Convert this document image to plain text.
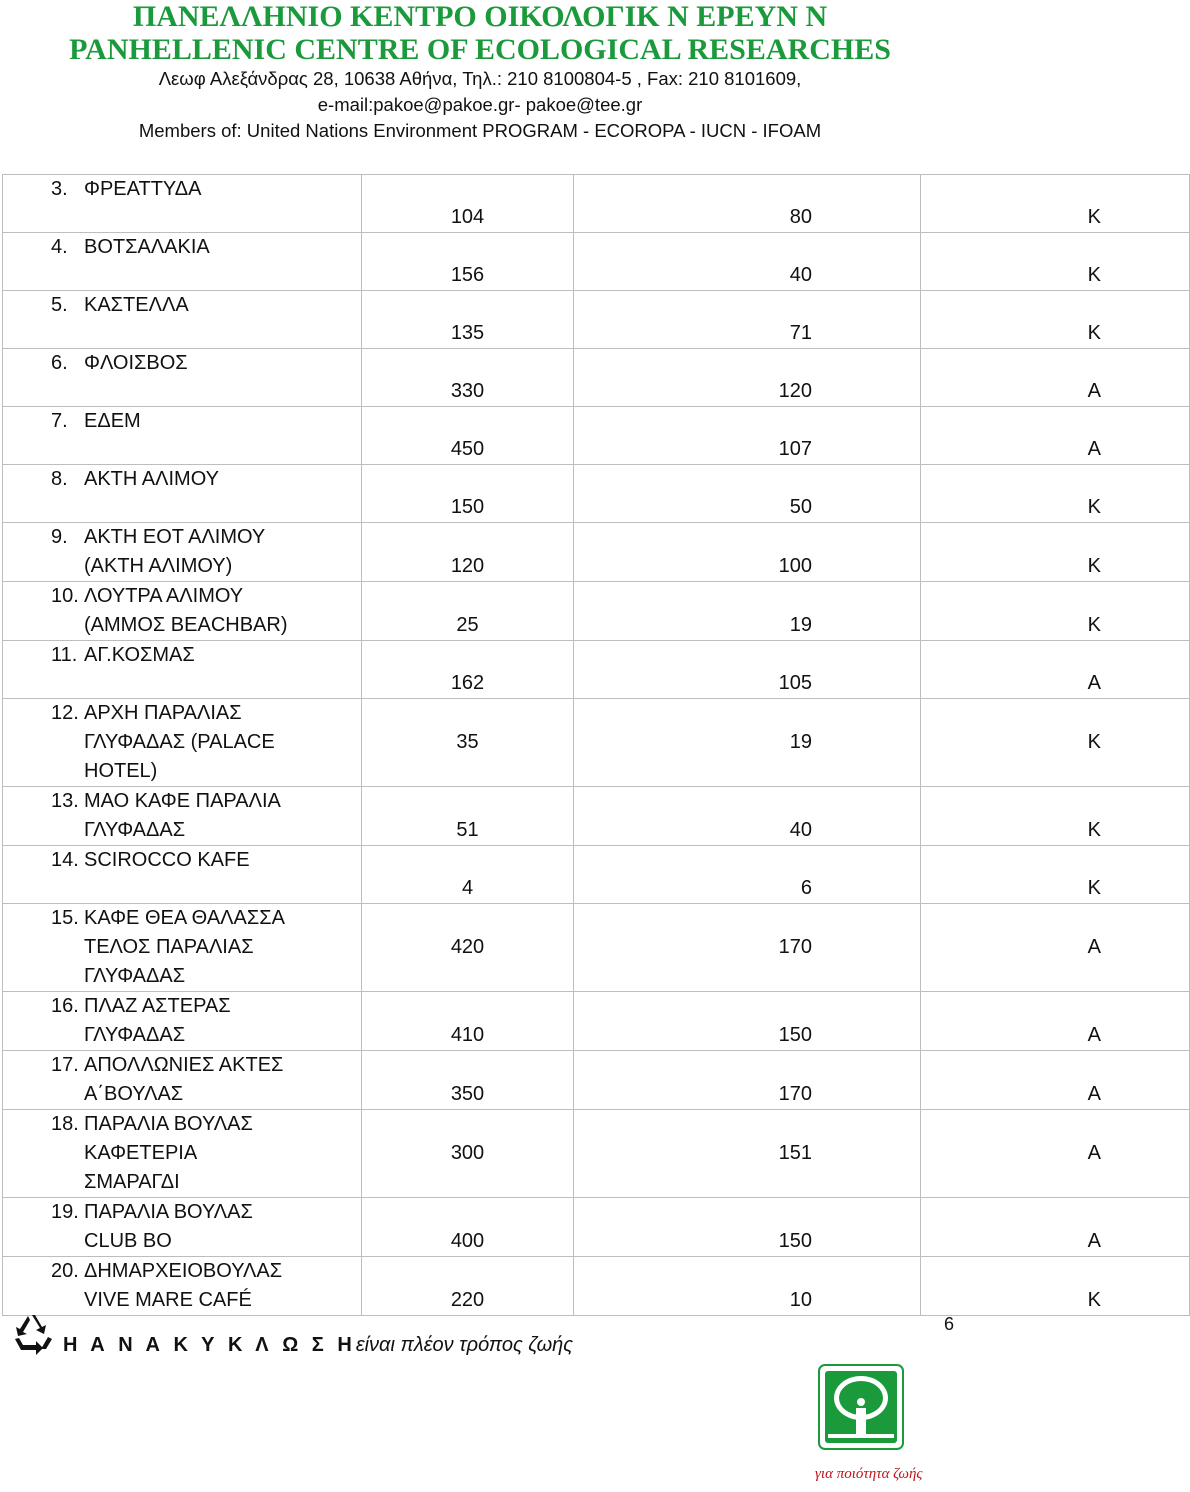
ΠΑΝΕΛΛΗΝΙΟ ΚΕΝΤΡΟ ΟΙΚΟΛΟΓΙΚ Ν ΕΡΕΥΝ Ν
PANHELLENIC CENTRE OF ECOLOGICAL RESEARCHES
Λεωφ Αλεξάνδρας 28, 10638 Αθήνα, Τηλ.: 210 8100804-5 , Fax: 210 8101609,
e-mail:pakoe@pakoe.gr- pakoe@tee.gr
Members of: United Nations Environment PROGRAM - ECOROPA - IUCN - IFOAM
3. ΦΡΕΑΤΤΥΔΑ	104	80	Κ
4. ΒΟΤΣΑΛΑΚΙΑ	156	40	Κ
5. ΚΑΣΤΕΛΛΑ	135	71	Κ
6. ΦΛΟΙΣΒΟΣ	330	120	Α
7. ΕΔΕΜ	450	107	Α
8. ΑΚΤΗ ΑΛΙΜΟΥ	150	50	Κ
9. ΑΚΤΗ ΕΟΤ ΑΛΙΜΟΥ
(ΑΚΤΗ ΑΛΙΜΟΥ)	120	100	Κ
10. ΛΟΥΤΡΑ ΑΛΙΜΟΥ
(ΑΜΜΟΣ BEACHBAR)	25	19	Κ
11. ΑΓ.ΚΟΣΜΑΣ	162	105	Α
12. ΑΡΧΗ ΠΑΡΑΛΙΑΣ
ΓΛΥΦΑΔΑΣ (PALACE
HOTEL)	35	19	Κ
13. ΜΑΟ ΚΑΦΕ ΠΑΡΑΛΙΑ
ΓΛΥΦΑΔΑΣ	51	40	Κ
14. SCIROCCO KAFE	4	6	Κ
15. ΚΑΦΕ ΘΕΑ ΘΑΛΑΣΣΑ
ΤΕΛΟΣ ΠΑΡΑΛΙΑΣ
ΓΛΥΦΑΔΑΣ	420	170	Α
16. ΠΛΑΖ ΑΣΤΕΡΑΣ
ΓΛΥΦΑΔΑΣ	410	150	Α
17. ΑΠΟΛΛΩΝΙΕΣ ΑΚΤΕΣ
Α΄ΒΟΥΛΑΣ	350	170	Α
18. ΠΑΡΑΛΙΑ ΒΟΥΛΑΣ
ΚΑΦΕΤΕΡΙΑ
ΣΜΑΡΑΓΔΙ	300	151	Α
19. ΠΑΡΑΛΙΑ ΒΟΥΛΑΣ
CLUB BO	400	150	Α
20. ΔΗΜΑΡΧΕΙΟΒΟΥΛΑΣ
VIVE MARE CAFÉ	220	10	Κ
Η Α Ν Α Κ Υ Κ Λ Ω Σ Ηείναι πλέον τρόπος ζωής
6
για ποιότητα ζωής
